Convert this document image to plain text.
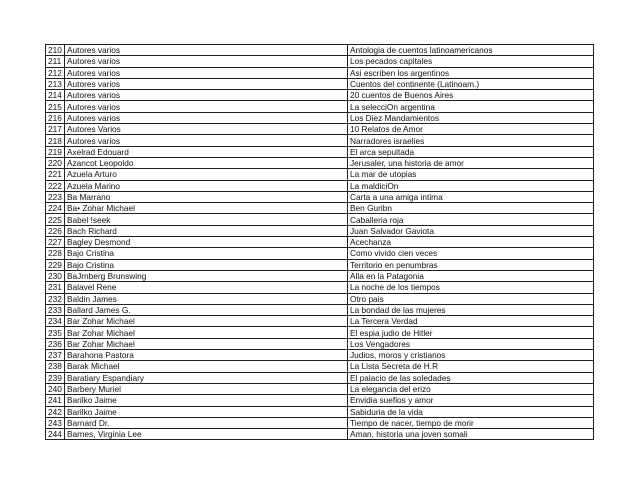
210	Autores varios	Antologia de cuentos latinoamericanos
211	Autores varios	Los pecados capitales
212	Autores varios	Asi escriben los argentinos
213	Autores varios	Cuentos del continente (Latinoam.)
214	Autores varios	20 cuentos de Buenos Aires
215	Autores varios	La selecciOn argentina
216	Autores varios	Los Diez Mandamientos
217	Autores Varios	10 Relatos de Amor
218	Autores varios	Narradores israelies
219	Axelrad Edouard	El arca sepultada
220	Azancot Leopoldo	Jerusaler, una historia de amor
221	Azuela Arturo	La mar de utopias
222	Azuela Marino	La maldiciOn
223	Ba Marrano	Carta a una amiga intima
224	Ba• Zohar Michael	Ben Guribn
225	Babel !seek	Caballeria roja
226	Bach Richard	Juan Salvador Gaviota
227	Bagley Desmond	Acechanza
228	Bajo Cristina	Como vivido cien veces
229	Bajo Cristina	Territorio en penumbras
230	BaJrnberg Brunswing	Alla en la Patagonia
231	Balavel Rene	La noche de los tiempos
232	Baldin James	Otro pais
233	Ballard James G.	La bondad de las mujeres
234	Bar Zohar Michael	La Tercera Verdad
235	Bar Zohar Michael	El espia judio de Hitler
236	Bar Zohar Michael	Los Vengadores
237	Barahona Pastora	Judios, moros y cristianos
238	Barak Michael	La Lista Secreta de H.R
239	Baratiary Espandiary	El palacio de las soledades
240	Barbery Muriel	La elegancia del erizo
241	Barilko Jaime	Envidia suefios y amor
242	Barilko Jaime	Sabiduria de la vida
243	Barnard Dr.	Tiempo de nacer, tiempo de morir
244	Barnes, Virginia Lee	Aman, historia una joven somali
